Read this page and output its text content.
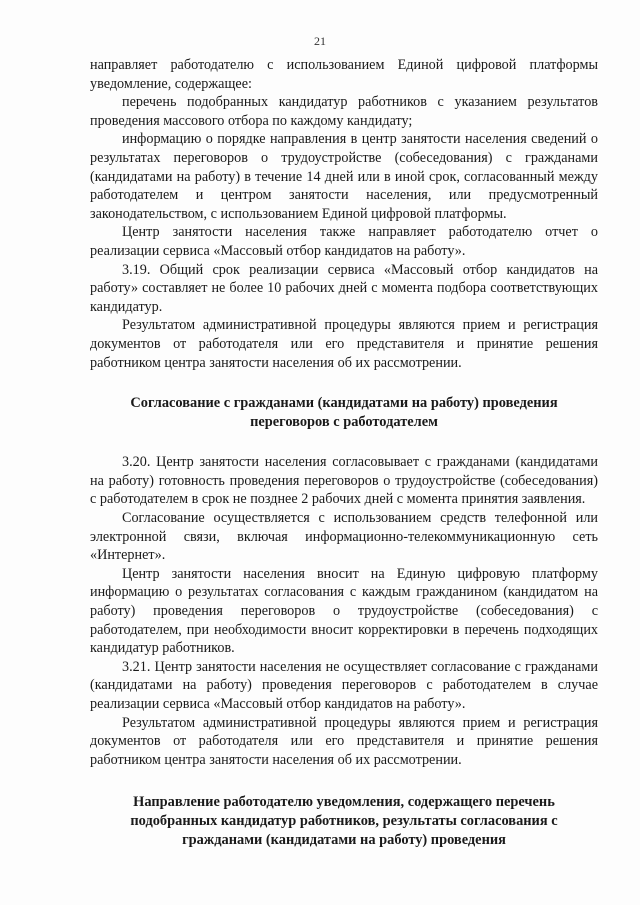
21

направляет работодателю с использованием Единой цифровой платформы уведомление, содержащее:

перечень подобранных кандидатур работников с указанием результатов проведения массового отбора по каждому кандидату;

информацию о порядке направления в центр занятости населения сведений о результатах переговоров о трудоустройстве (собеседования) с гражданами (кандидатами на работу) в течение 14 дней или в иной срок, согласованный между работодателем и центром занятости населения, или предусмотренный законодательством, с использованием Единой цифровой платформы.

Центр занятости населения также направляет работодателю отчет о реализации сервиса «Массовый отбор кандидатов на работу».

3.19. Общий срок реализации сервиса «Массовый отбор кандидатов на работу» составляет не более 10 рабочих дней с момента подбора соответствующих кандидатур.

Результатом административной процедуры являются прием и регистрация документов от работодателя или его представителя и принятие решения работником центра занятости населения об их рассмотрении.

Согласование с гражданами (кандидатами на работу) проведения переговоров с работодателем

3.20. Центр занятости населения согласовывает с гражданами (кандидатами на работу) готовность проведения переговоров о трудоустройстве (собеседования) с работодателем в срок не позднее 2 рабочих дней с момента принятия заявления.

Согласование осуществляется с использованием средств телефонной или электронной связи, включая информационно-телекоммуникационную сеть «Интернет».

Центр занятости населения вносит на Единую цифровую платформу информацию о результатах согласования с каждым гражданином (кандидатом на работу) проведения переговоров о трудоустройстве (собеседования) с работодателем, при необходимости вносит корректировки в перечень подходящих кандидатур работников.

3.21. Центр занятости населения не осуществляет согласование с гражданами (кандидатами на работу) проведения переговоров с работодателем в случае реализации сервиса «Массовый отбор кандидатов на работу».

Результатом административной процедуры являются прием и регистрация документов от работодателя или его представителя и принятие решения работником центра занятости населения об их рассмотрении.

Направление работодателю уведомления, содержащего перечень подобранных кандидатур работников, результаты согласования с гражданами (кандидатами на работу) проведения
